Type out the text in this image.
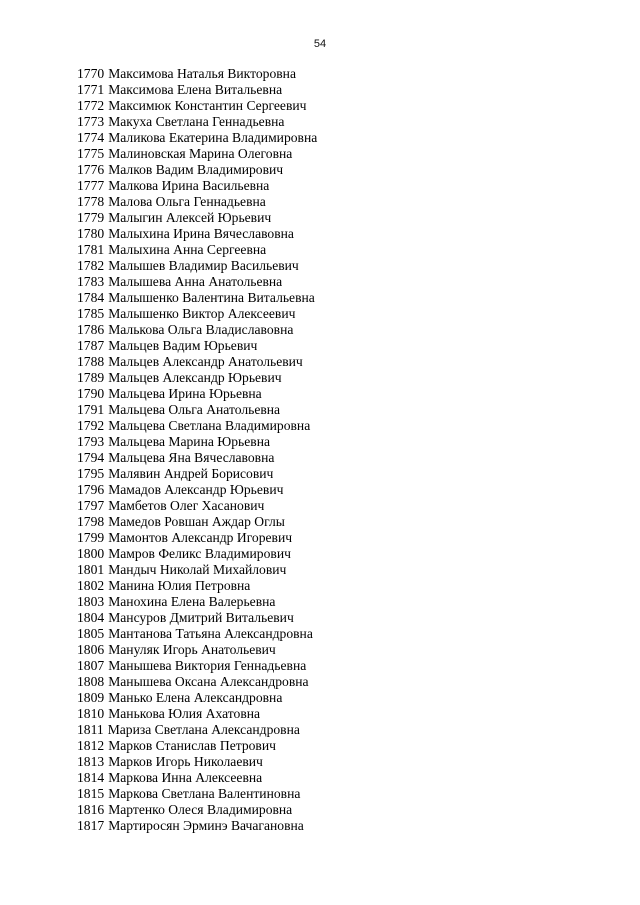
54
1770 Максимова Наталья Викторовна
1771 Максимова Елена Витальевна
1772 Максимюк Константин Сергеевич
1773 Макуха Светлана Геннадьевна
1774 Маликова Екатерина Владимировна
1775 Малиновская Марина Олеговна
1776 Малков Вадим Владимирович
1777 Малкова Ирина Васильевна
1778 Малова Ольга Геннадьевна
1779 Малыгин Алексей Юрьевич
1780 Малыхина Ирина Вячеславовна
1781 Малыхина Анна Сергеевна
1782 Малышев Владимир Васильевич
1783 Малышева Анна Анатольевна
1784 Малышенко Валентина Витальевна
1785 Малышенко Виктор Алексеевич
1786 Малькова Ольга Владиславовна
1787 Мальцев Вадим Юрьевич
1788 Мальцев Александр Анатольевич
1789 Мальцев Александр Юрьевич
1790 Мальцева Ирина Юрьевна
1791 Мальцева Ольга Анатольевна
1792 Мальцева Светлана Владимировна
1793 Мальцева Марина Юрьевна
1794 Мальцева Яна Вячеславовна
1795 Малявин Андрей Борисович
1796 Мамадов Александр Юрьевич
1797 Мамбетов Олег Хасанович
1798 Мамедов Ровшан Аждар Оглы
1799 Мамонтов Александр Игоревич
1800 Мамров Феликс Владимирович
1801 Мандыч Николай Михайлович
1802 Манина Юлия Петровна
1803 Манохина Елена Валерьевна
1804 Мансуров Дмитрий Витальевич
1805 Мантанова Татьяна Александровна
1806 Мануляк Игорь Анатольевич
1807 Манышева Виктория Геннадьевна
1808 Манышева Оксана Александровна
1809 Манько Елена Александровна
1810 Манькова Юлия Ахатовна
1811 Мариза Светлана Александровна
1812 Марков Станислав Петрович
1813 Марков Игорь Николаевич
1814 Маркова Инна Алексеевна
1815 Маркова Светлана Валентиновна
1816 Мартенко Олеся Владимировна
1817 Мартиросян Эрминэ Вачагановна
